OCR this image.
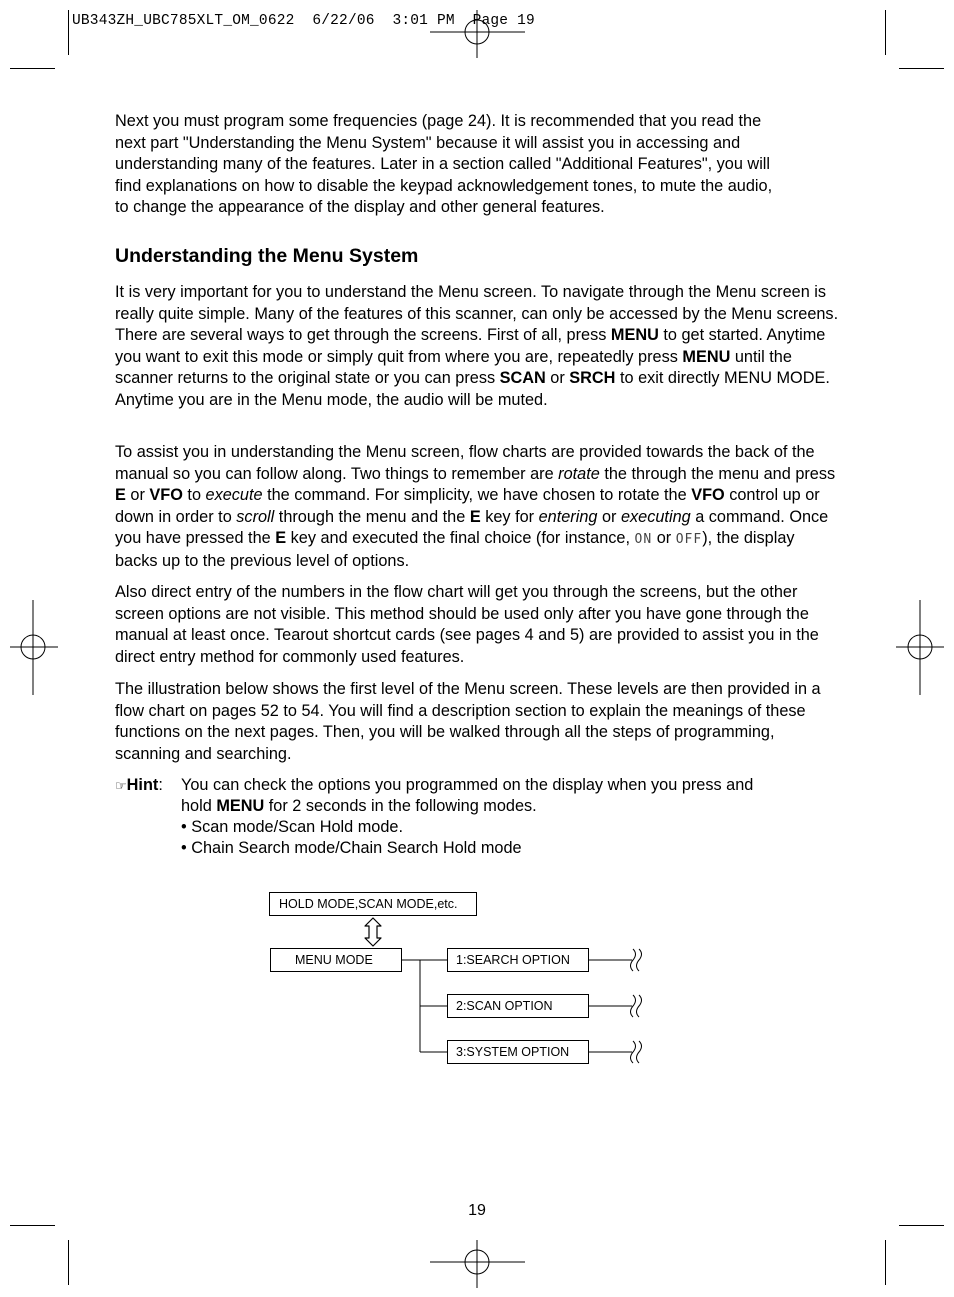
UB343ZH_UBC785XLT_OM_0622  6/22/06  3:01 PM  Page 19
Next you must program some frequencies (page 24). It is recommended that you read the
next part "Understanding the Menu System" because it will assist you in accessing and
understanding many of the features. Later in a section called "Additional Features", you will
find explanations on how to disable the keypad acknowledgement tones, to mute the audio,
to change the appearance of the display and other general features.
Understanding the Menu System

It is very important for you to understand the Menu screen. To navigate through the Menu screen is really quite simple. Many of the features of this scanner, can only be accessed by the Menu screens. There are several ways to get through the screens. First of all, press MENU to get started. Anytime you want to exit this mode or simply quit from where you are, repeatedly press MENU until the scanner returns to the original state or you can press SCAN or SRCH to exit directly MENU MODE. Anytime you are in the Menu mode, the audio will be muted.

To assist you in understanding the Menu screen, flow charts are provided towards the back of the manual so you can follow along. Two things to remember are rotate the through the menu and press E or VFO to execute the command. For simplicity, we have chosen to rotate the VFO control up or down in order to scroll through the menu and the E key for entering or executing a command. Once you have pressed the E key and executed the final choice (for instance, ON or OFF), the display backs up to the previous level of options.

Also direct entry of the numbers in the flow chart will get you through the screens, but the other screen options are not visible. This method should be used only after you have gone through the manual at least once. Tearout shortcut cards (see pages 4 and 5) are provided to assist you in the direct entry method for commonly used features.

The illustration below shows the first level of the Menu screen. These levels are then provided in a flow chart on pages 52 to 54. You will find a description section to explain the meanings of these functions on the next pages. Then, you will be walked through all the steps of programming, scanning and searching.

☞Hint: You can check the options you programmed on the display when you press and
hold MENU for 2 seconds in the following modes.
• Scan mode/Scan Hold mode.
• Chain Search mode/Chain Search Hold mode
HOLD MODE,SCAN MODE,etc.
MENU MODE	1:SEARCH OPTION
2:SCAN OPTION
3:SYSTEM OPTION
19
